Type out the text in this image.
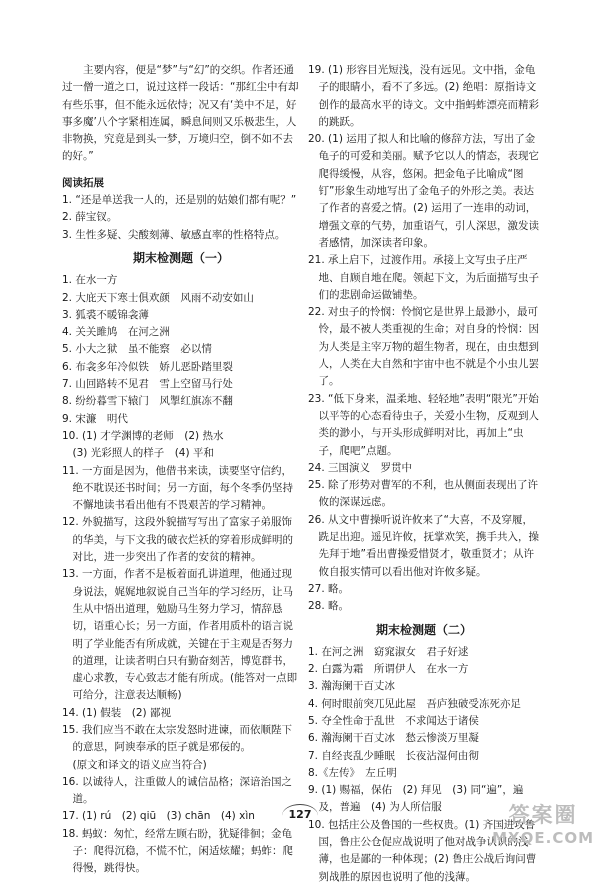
主要内容，便是“梦”与“幻”的交织。作者还通过一僧一道之口，说过这样一段话：“那红尘中有却有些乐事，但不能永远依恃；况又有‘美中不足，好事多魔’八个字紧相连属，瞬息间则又乐极悲生，人非物换，究竟是到头一梦，万境归空，倒不如不去的好。”

阅读拓展

1. “还是单送我一人的，还是别的姑娘们都有呢？”

2. 薛宝钗。

3. 生性多疑、尖酸刻薄、敏感直率的性格特点。

期末检测题（一）

1. 在水一方

2. 大庇天下寒士俱欢颜　风雨不动安如山

3. 狐裘不暖锦衾薄

4. 关关雎鸠　在河之洲

5. 小大之狱　虽不能察　必以情

6. 布衾多年冷似铁　娇儿恶卧踏里裂

7. 山回路转不见君　雪上空留马行处

8. 纷纷暮雪下辕门　风掣红旗冻不翻

9. 宋濂　明代

10. (1) 才学渊博的老师　(2) 热水

(3) 光彩照人的样子　(4) 平和

11. 一方面是因为，他借书来读，读要坚守信约，绝不耽误还书时间；另一方面，每个冬季仍坚持不懈地读书看出他有不畏艰苦的学习精神。

12. 外貌描写，这段外貌描写写出了富家子弟服饰的华美，与下文我的破衣烂袄的穿着形成鲜明的对比，进一步突出了作者的安贫的精神。

13. 一方面，作者不是板着面孔讲道理，他通过现身说法，娓娓地叙说自己当年的学习经历，让马生从中悟出道理，勉励马生努力学习，情辞恳切，语重心长；另一方面，作者用质朴的语言说明了学业能否有所成就，关键在于主观是否努力的道理，让读者明白只有勤奋刻苦，博览群书，虚心求教，专心致志才能有所成。(能答对一点即可给分，注意表达顺畅)

14. (1) 假装　(2) 鄙视

15. 我们应当不敢在太宗发怒时进谏，而依顺陛下的意思，阿谀奉承的臣子就是邪佞的。

(原文和译文的语义应当符合)

16. 以诚待人，注重做人的诚信品格；深谙治国之道。

17. (1) rú　(2) qiū　(3) chān　(4) xìn

18. 蚂蚁：匆忙，经常左顾右盼，犹疑徘徊；金龟子：爬得沉稳，不慌不忙，闲适炫耀；蚂蚱：爬得慢，跳得快。

19. (1) 形容目光短浅，没有远见。文中指，金龟子的眼睛小，看不了多远。(2) 绝唱：原指诗文创作的最高水平的诗文。文中指蚂蚱漂亮而精彩的跳跃。

20. (1) 运用了拟人和比喻的修辞方法，写出了金龟子的可爱和美丽。赋予它以人的情态，表现它爬得缓慢，从容，悠闲。把金龟子比喻成“图钉”形象生动地写出了金龟子的外形之美。表达了作者的喜爱之情。(2) 运用了一连串的动词，增强文章的气势，加重语气，引人深思，激发读者感情，加深读者印象。

21. 承上启下，过渡作用。承接上文写虫子庄严地、自顾自地在爬。领起下文，为后面描写虫子们的悲剧命运做铺垫。

22. 对虫子的怜悯：怜悯它是世界上最渺小，最可怜，最不被人类重视的生命；对自身的怜悯：因为人类是主宰万物的超生物者，现在，由虫想到人，人类在大自然和宇宙中也不就是个小虫儿罢了。

23. “低下身来，温柔地、轻轻地”表明“限光”开始以平等的心态看待虫子，关爱小生物，反观到人类的渺小，与开头形成鲜明对比，再加上“虫子，爬吧”点题。

24. 三国演义　罗贯中

25. 除了形势对曹军的不利，也从侧面表现出了许攸的深谋远虑。

26. 从文中曹操听说许攸来了“大喜，不及穿履，跣足出迎。遥见许攸，抚掌欢笑，携手共入，操先拜于地”看出曹操爱惜贤才，敬重贤才；从许攸自报实情可以看出他对许攸多疑。

27. 略。

28. 略。

期末检测题（二）

1. 在河之洲　窈窕淑女　君子好逑

2. 白露为霜　所谓伊人　在水一方

3. 瀚海阑干百丈冰

4. 何时眼前突兀见此屋　吾庐独破受冻死亦足

5. 夺全性命于乱世　不求闻达于诸侯

6. 瀚海阑干百丈冰　愁云惨淡万里凝

7. 自经丧乱少睡眠　长夜沾湿何由彻

8.《左传》　左丘明

9. (1) 赐福，保佑　(2) 拜见　(3) 同“遍”，遍及，普遍　(4) 为人所信服

10. 包括庄公及鲁国的一些权贵。(1) 齐国进攻鲁国，鲁庄公仓促应战说明了他对战争认识的浅薄，也是鄙的一种体现；(2) 鲁庄公战后询问曹刿战胜的原因也说明了他的浅薄。

127	答案圈
MXQE.COM
